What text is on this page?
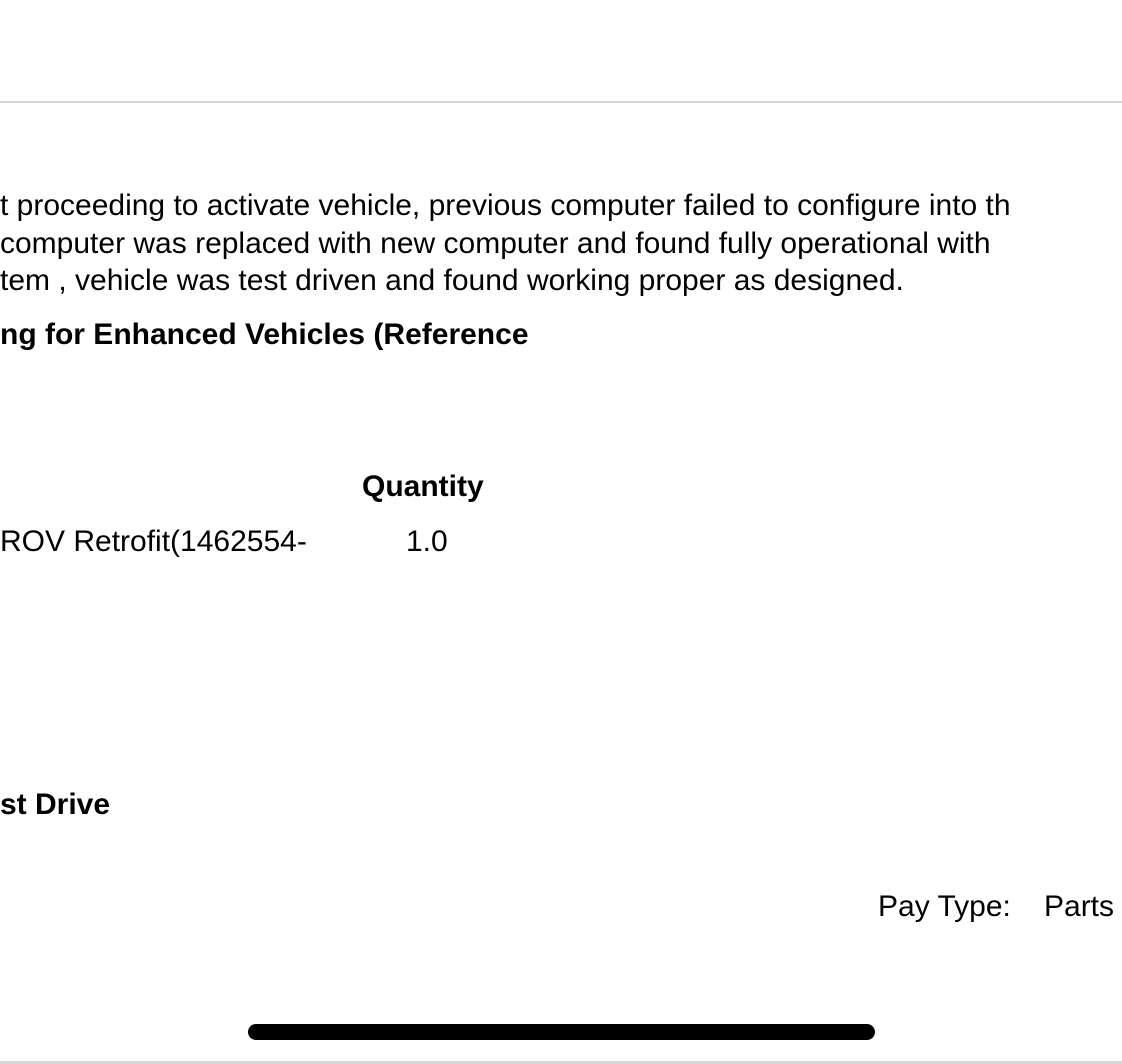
t proceeding to activate vehicle, previous computer failed to configure into th
computer was replaced with new computer and found fully operational with
tem , vehicle was test driven and found working proper as designed.
ng for Enhanced Vehicles (Reference
Quantity
ROV Retrofit(1462554-	1.0
st Drive
Pay Type: Parts
